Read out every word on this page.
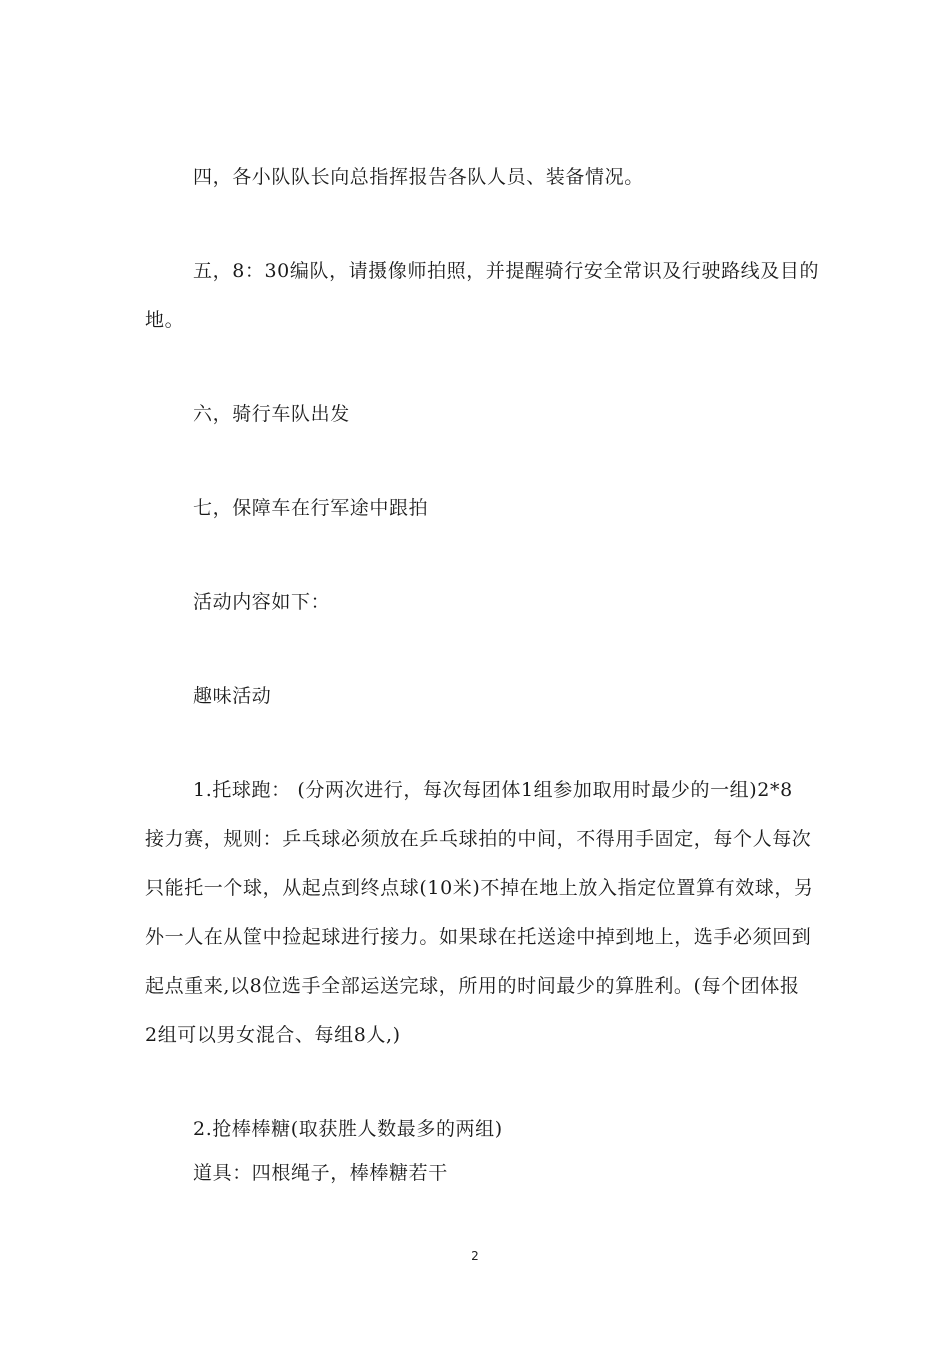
四，各小队队长向总指挥报告各队人员、装备情况。
五，8：30编队，请摄像师拍照，并提醒骑行安全常识及行驶路线及目的
地。
六，骑行车队出发
七，保障车在行军途中跟拍
活动内容如下：
趣味活动
1.托球跑： (分两次进行，每次每团体1组参加取用时最少的一组)2*8
接力赛，规则：乒乓球必须放在乒乓球拍的中间，不得用手固定，每个人每次
只能托一个球，从起点到终点球(10米)不掉在地上放入指定位置算有效球，另
外一人在从筐中捡起球进行接力。如果球在托送途中掉到地上，选手必须回到
起点重来,以8位选手全部运送完球，所用的时间最少的算胜利。(每个团体报
2组可以男女混合、每组8人,)
2.抢棒棒糖(取获胜人数最多的两组)
道具：四根绳子，棒棒糖若干
2
